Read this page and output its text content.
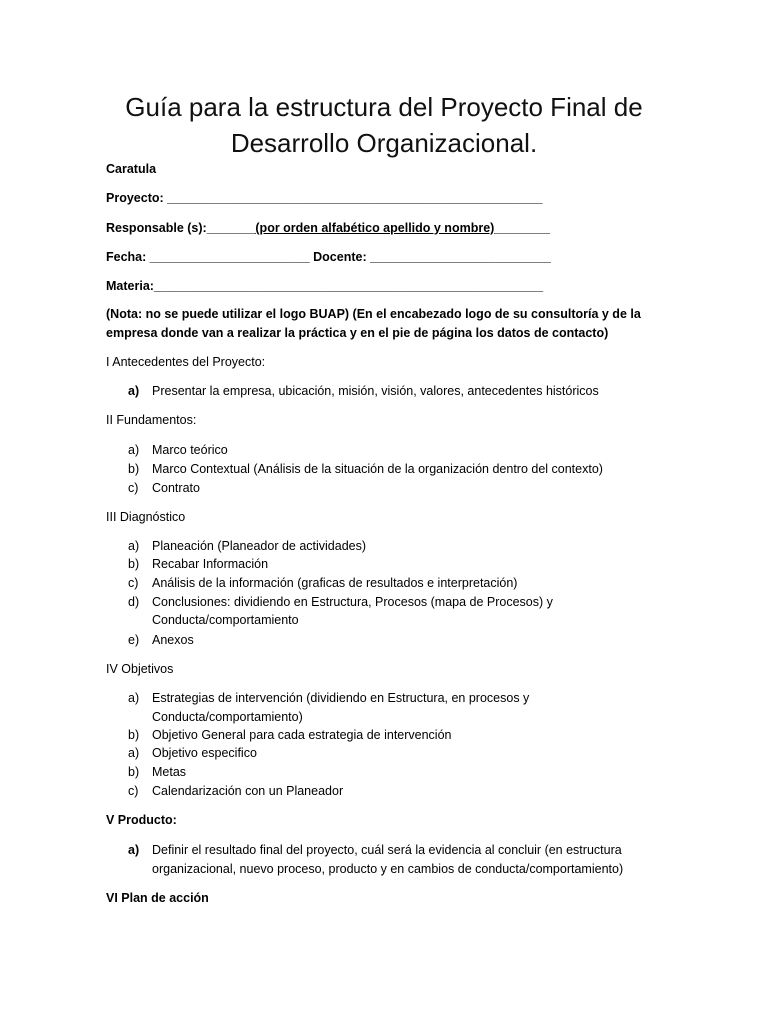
Guía para la estructura del Proyecto Final de
Desarrollo Organizacional.
Caratula
Proyecto: ______________________________________________________
Responsable (s):_______(por orden alfabético apellido y nombre)________
Fecha: _______________________ Docente: __________________________
Materia:________________________________________________________
(Nota: no se puede utilizar el logo BUAP) (En el encabezado logo de su consultoría y de la
empresa donde van a realizar la práctica y en el pie de página los datos de contacto)
I Antecedentes del Proyecto:
a) Presentar la empresa, ubicación, misión, visión, valores, antecedentes históricos
II Fundamentos:
a) Marco teórico
b) Marco Contextual (Análisis de la situación de la organización dentro del contexto)
c) Contrato
III Diagnóstico
a) Planeación (Planeador de actividades)
b) Recabar Información
c) Análisis de la información (graficas de resultados e interpretación)
d) Conclusiones: dividiendo en Estructura, Procesos (mapa de Procesos) y
Conducta/comportamiento
e) Anexos
IV Objetivos
a) Estrategias de intervención (dividiendo en Estructura, en procesos y
Conducta/comportamiento)
b) Objetivo General para cada estrategia de intervención
a) Objetivo especifico
b) Metas
c) Calendarización con un Planeador
V Producto:
a) Definir el resultado final del proyecto, cuál será la evidencia al concluir (en estructura
organizacional, nuevo proceso, producto y en cambios de conducta/comportamiento)
VI Plan de acción
